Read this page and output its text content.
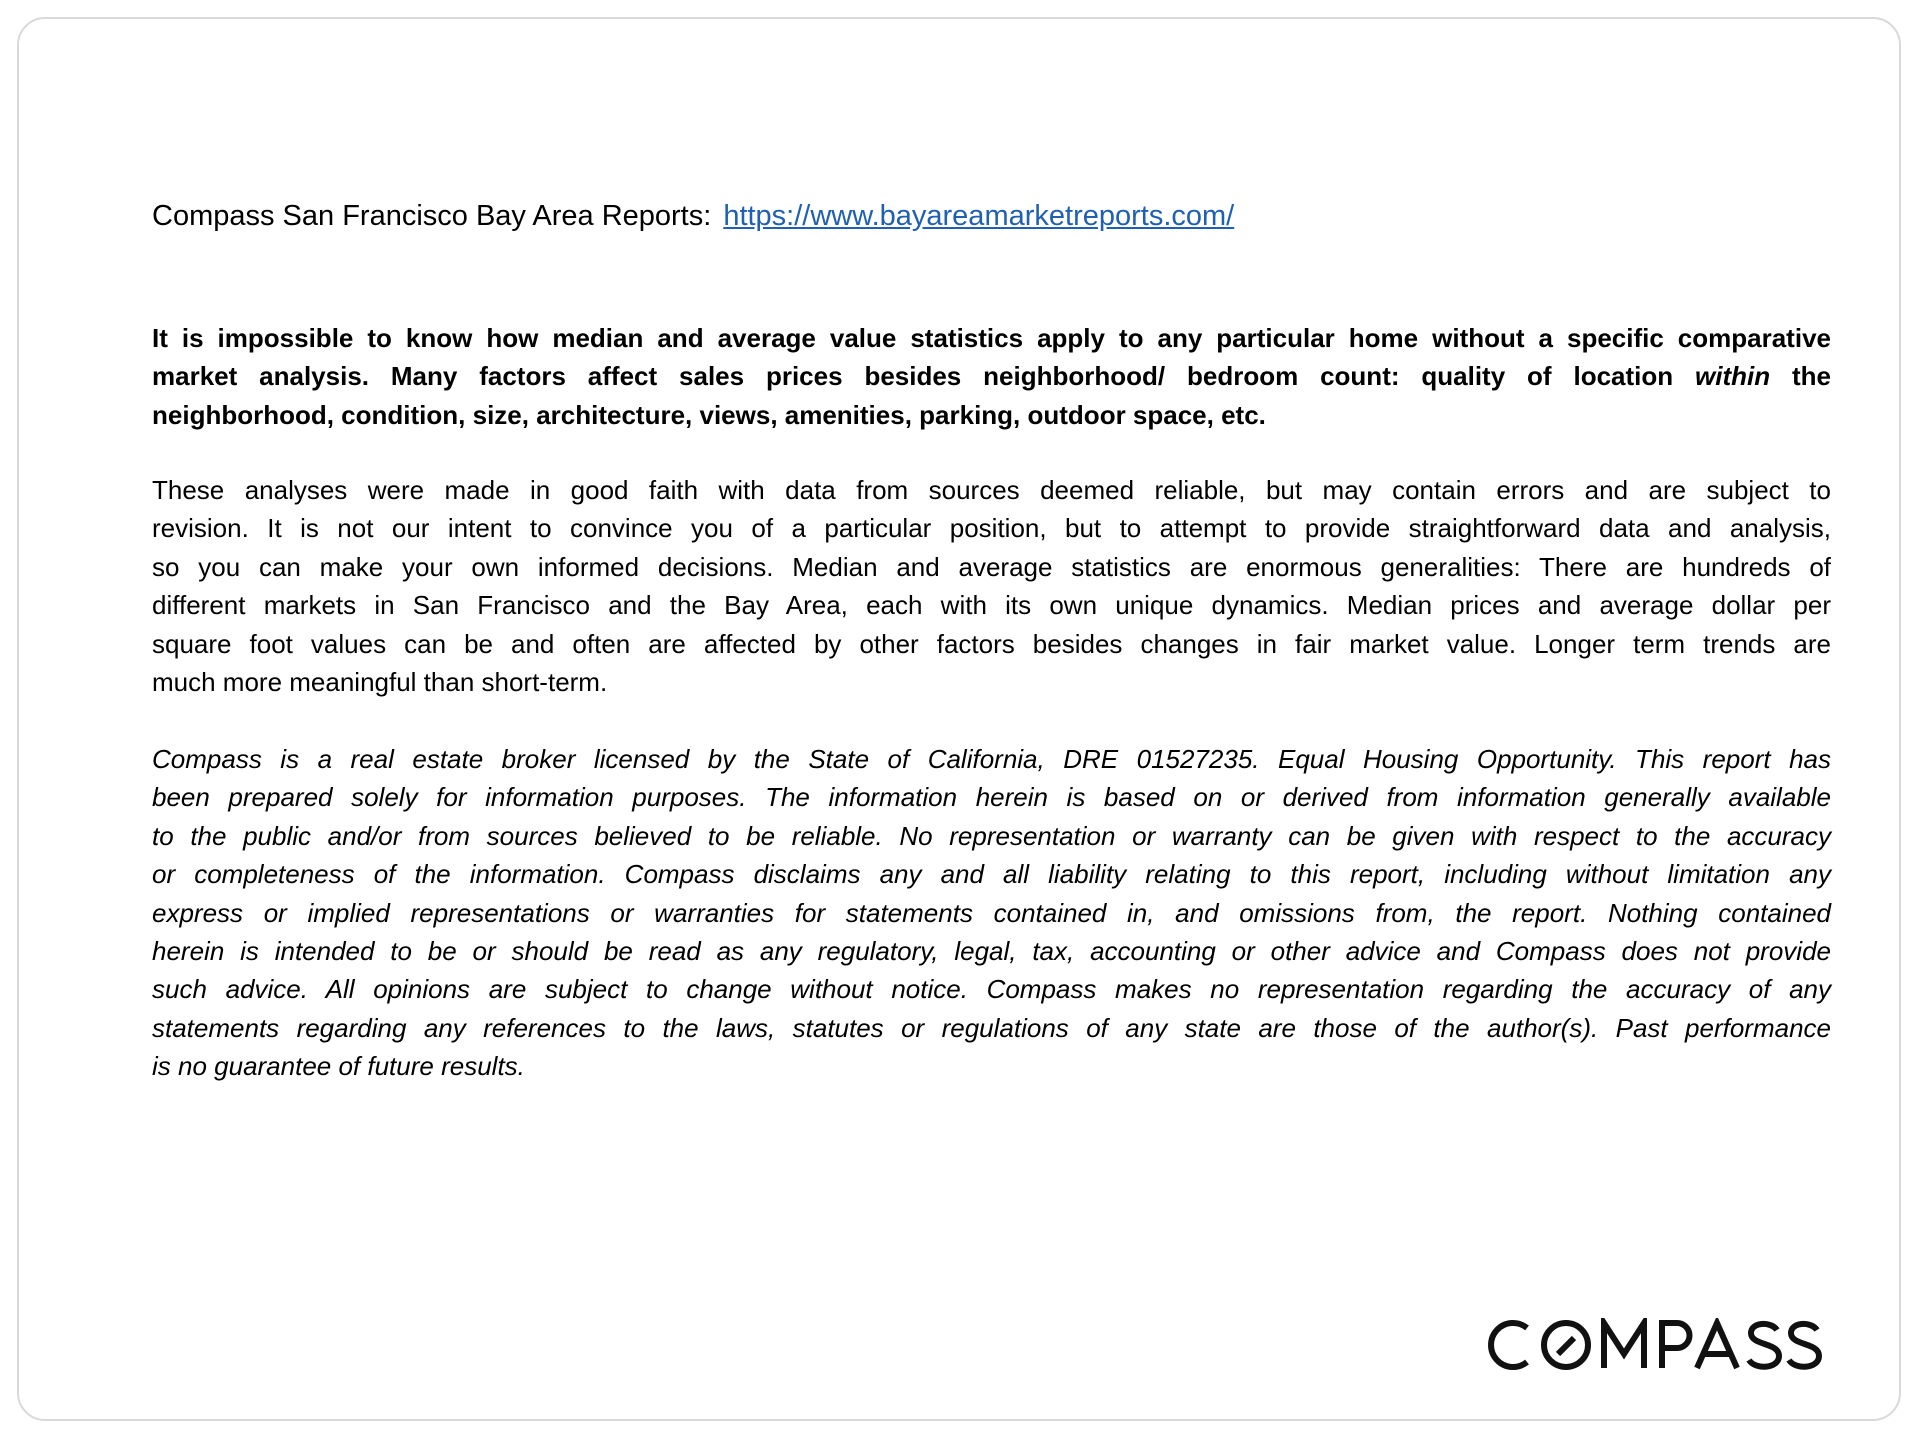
Compass San Francisco Bay Area Reports: https://www.bayareamarketreports.com/
It is impossible to know how median and average value statistics apply to any particular home without a specific comparative
market analysis. Many factors affect sales prices besides neighborhood/ bedroom count: quality of location within the
neighborhood, condition, size, architecture, views, amenities, parking, outdoor space, etc.
These analyses were made in good faith with data from sources deemed reliable, but may contain errors and are subject to
revision. It is not our intent to convince you of a particular position, but to attempt to provide straightforward data and analysis,
so you can make your own informed decisions. Median and average statistics are enormous generalities: There are hundreds of
different markets in San Francisco and the Bay Area, each with its own unique dynamics. Median prices and average dollar per
square foot values can be and often are affected by other factors besides changes in fair market value. Longer term trends are
much more meaningful than short-term.
Compass is a real estate broker licensed by the State of California, DRE 01527235. Equal Housing Opportunity. This report has
been prepared solely for information purposes. The information herein is based on or derived from information generally available
to the public and/or from sources believed to be reliable. No representation or warranty can be given with respect to the accuracy
or completeness of the information. Compass disclaims any and all liability relating to this report, including without limitation any
express or implied representations or warranties for statements contained in, and omissions from, the report. Nothing contained
herein is intended to be or should be read as any regulatory, legal, tax, accounting or other advice and Compass does not provide
such advice. All opinions are subject to change without notice. Compass makes no representation regarding the accuracy of any
statements regarding any references to the laws, statutes or regulations of any state are those of the author(s). Past performance
is no guarantee of future results.
